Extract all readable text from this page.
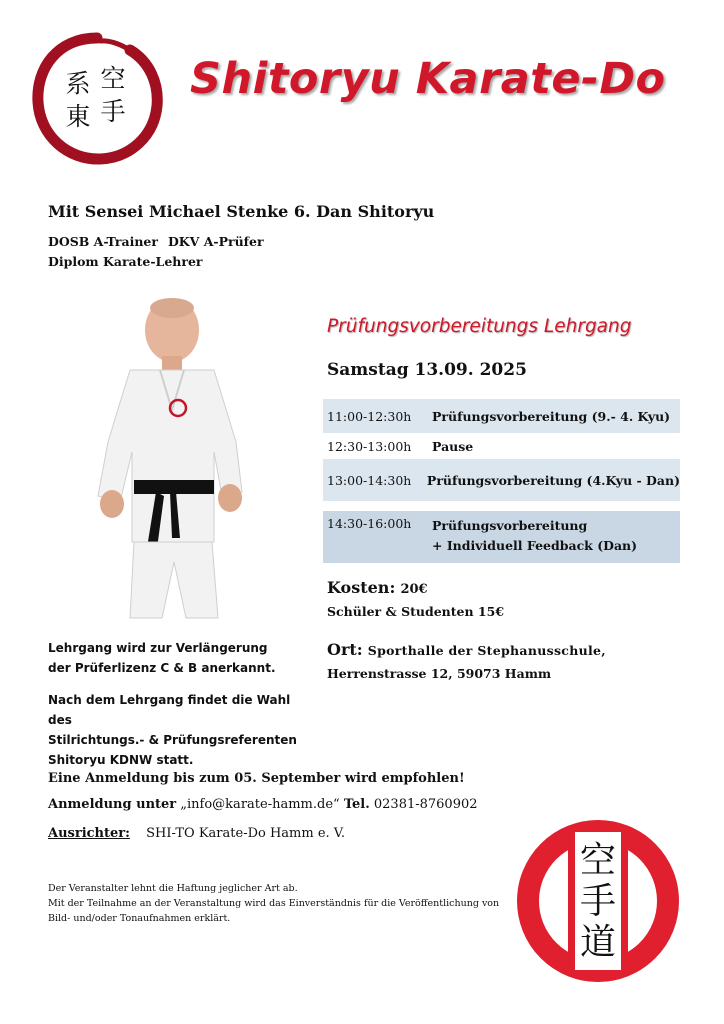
系
東
空
手
Shitoryu Karate-Do
Mit Sensei Michael Stenke 6. Dan Shitoryu
DOSB A-Trainer DKV A-Prüfer
Diplom Karate-Lehrer
Lehrgang wird zur Verlängerung
der Prüferlizenz C & B anerkannt.
Nach dem Lehrgang findet die Wahl des
Stilrichtungs.- & Prüfungsreferenten
Shitoryu KDNW statt.
Prüfungsvorbereitungs Lehrgang
Samstag 13.09. 2025
11:00-12:30h	Prüfungsvorbereitung (9.- 4. Kyu)
12:30-13:00h	Pause
13:00-14:30h	Prüfungsvorbereitung (4.Kyu - Dan)
14:30-16:00h	Prüfungsvorbereitung
+ Individuell Feedback (Dan)
Kosten: 20€
Schüler & Studenten 15€
Ort: Sporthalle der Stephanusschule,
Herrenstrasse 12, 59073 Hamm
Eine Anmeldung bis zum 05. September wird empfohlen!
Anmeldung unter „info@karate-hamm.de“ Tel. 02381-8760902
Ausrichter: SHI-TO Karate-Do Hamm e. V.
Der Veranstalter lehnt die Haftung jeglicher Art ab.
Mit der Teilnahme an der Veranstaltung wird das Einverständnis für die Veröffentlichung von
Bild- und/oder Tonaufnahmen erklärt.
空
手
道
